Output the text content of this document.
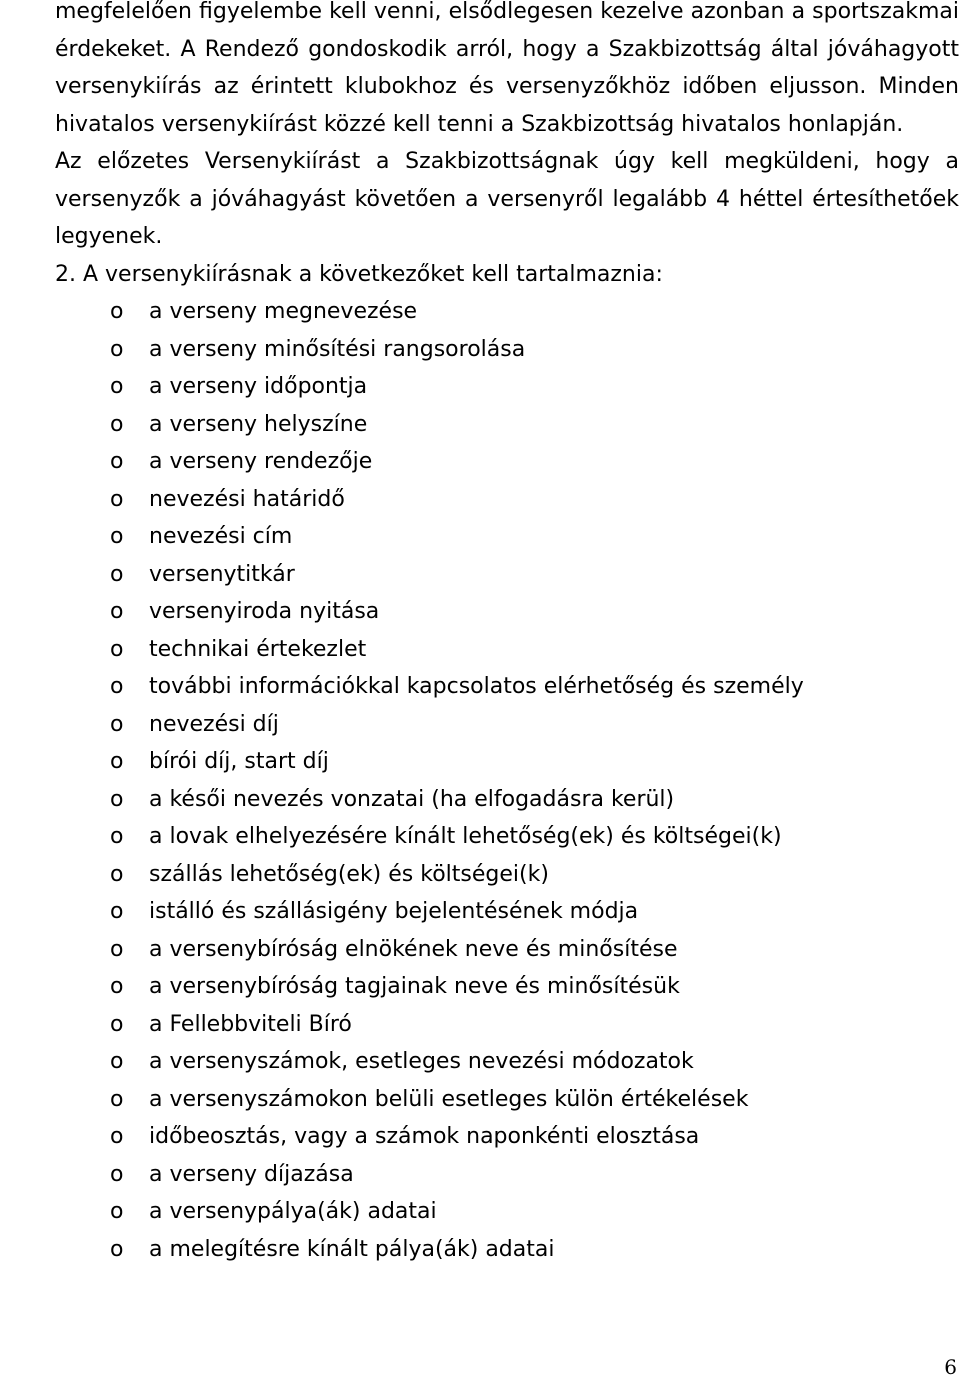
megfelelően figyelembe kell venni, elsődlegesen kezelve azonban a sportszakmai érdekeket. A Rendező gondoskodik arról, hogy a Szakbizottság által jóváhagyott versenykiírás az érintett klubokhoz és versenyzőkhöz időben eljusson. Minden hivatalos versenykiírást közzé kell tenni a Szakbizottság hivatalos honlapján.

Az előzetes Versenykiírást a Szakbizottságnak úgy kell megküldeni, hogy a versenyzők a jóváhagyást követően a versenyről legalább 4 héttel értesíthetőek legyenek.

2. A versenykiírásnak a következőket kell tartalmaznia:

o	a verseny megnevezése
o	a verseny minősítési rangsorolása
o	a verseny időpontja
o	a verseny helyszíne
o	a verseny rendezője
o	nevezési határidő
o	nevezési cím
o	versenytitkár
o	versenyiroda nyitása
o	technikai értekezlet
o	további információkkal kapcsolatos elérhetőség és személy
o	nevezési díj
o	bírói díj, start díj
o	a késői nevezés vonzatai (ha elfogadásra kerül)
o	a lovak elhelyezésére kínált lehetőség(ek) és költségei(k)
o	szállás lehetőség(ek) és költségei(k)
o	istálló és szállásigény bejelentésének módja
o	a versenybíróság elnökének neve és minősítése
o	a versenybíróság tagjainak neve és minősítésük
o	a Fellebbviteli Bíró
o	a versenyszámok, esetleges nevezési módozatok
o	a versenyszámokon belüli esetleges külön értékelések
o	időbeosztás, vagy a számok naponkénti elosztása
o	a verseny díjazása
o	a versenypálya(ák) adatai
o	a melegítésre kínált pálya(ák) adatai
6
